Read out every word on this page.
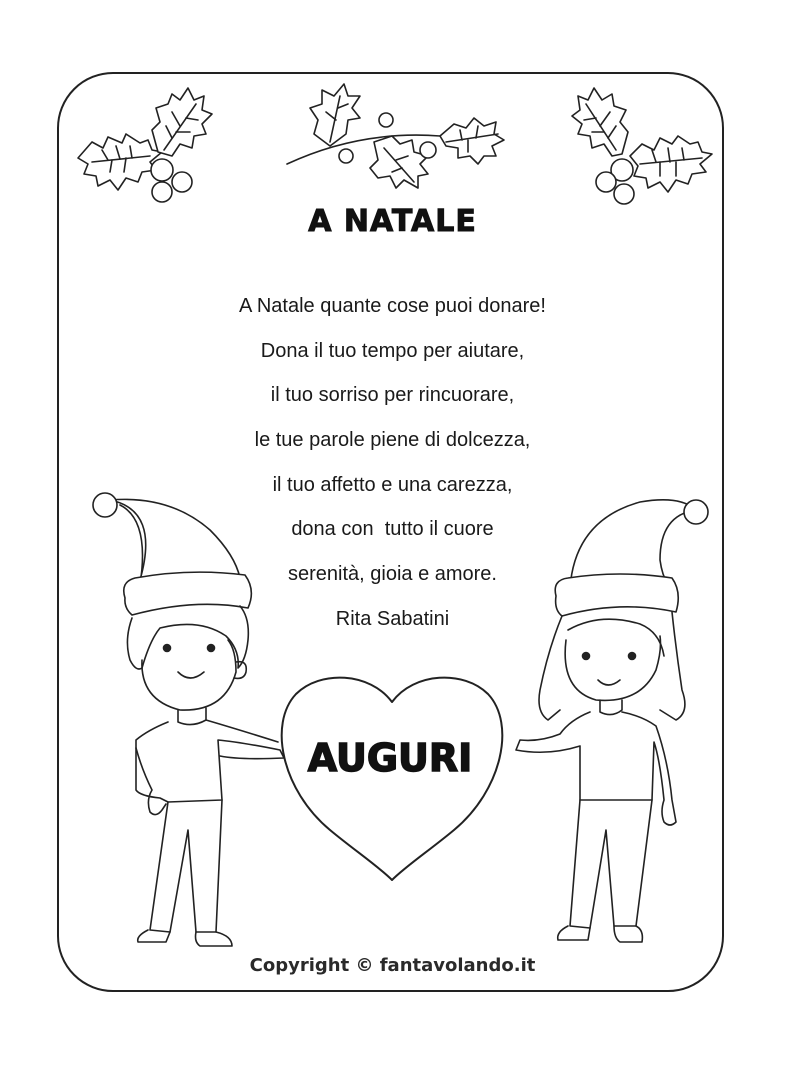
A NATALE
A Natale quante cose puoi donare!
Dona il tuo tempo per aiutare,
il tuo sorriso per rincuorare,
le tue parole piene di dolcezza,
il tuo affetto e una carezza,
dona con  tutto il cuore
serenità, gioia e amore.
Rita Sabatini
AUGURI
Copyright © fantavolando.it
